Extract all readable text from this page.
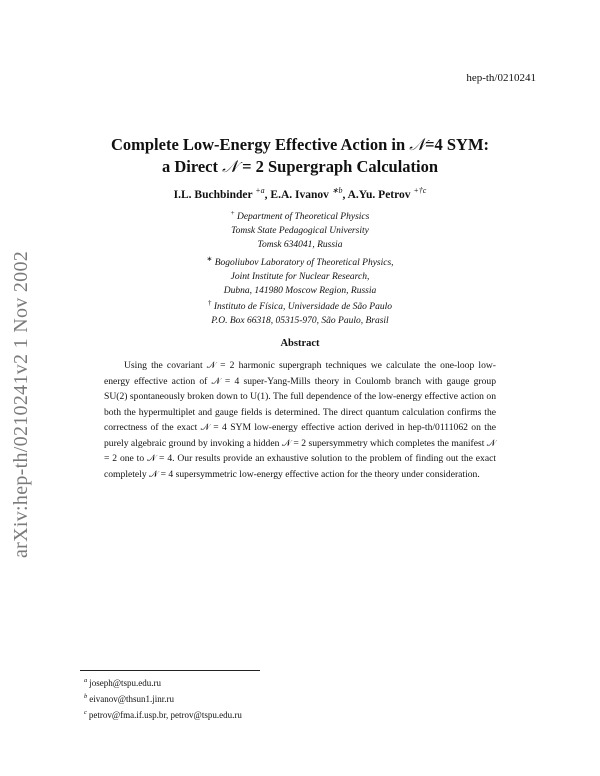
hep-th/0210241
arXiv:hep-th/0210241v2 1 Nov 2002
Complete Low-Energy Effective Action in 𝒩=4 SYM:
a Direct 𝒩 = 2 Supergraph Calculation
I.L. Buchbinder $^{+a}$, E.A. Ivanov $^{∗b}$, A.Yu. Petrov $^{+\dagger c}$
+ Department of Theoretical Physics
Tomsk State Pedagogical University
Tomsk 634041, Russia
∗ Bogoliubov Laboratory of Theoretical Physics,
Joint Institute for Nuclear Research,
Dubna, 141980 Moscow Region, Russia
† Instituto de Física, Universidade de São Paulo
P.O. Box 66318, 05315-970, São Paulo, Brasil
Abstract
Using the covariant 𝒩 = 2 harmonic supergraph techniques we calculate the one-loop low-energy effective action of 𝒩 = 4 super-Yang-Mills theory in Coulomb branch with gauge group SU(2) spontaneously broken down to U(1). The full dependence of the low-energy effective action on both the hypermultiplet and gauge fields is determined. The direct quantum calculation confirms the correctness of the exact 𝒩 = 4 SYM low-energy effective action derived in hep-th/0111062 on the purely algebraic ground by invoking a hidden 𝒩 = 2 supersymmetry which completes the manifest 𝒩 = 2 one to 𝒩 = 4. Our results provide an exhaustive solution to the problem of finding out the exact completely 𝒩 = 4 supersymmetric low-energy effective action for the theory under consideration.
$^a$ joseph@tspu.edu.ru
$^b$ eivanov@thsun1.jinr.ru
$^c$ petrov@fma.if.usp.br, petrov@tspu.edu.ru
